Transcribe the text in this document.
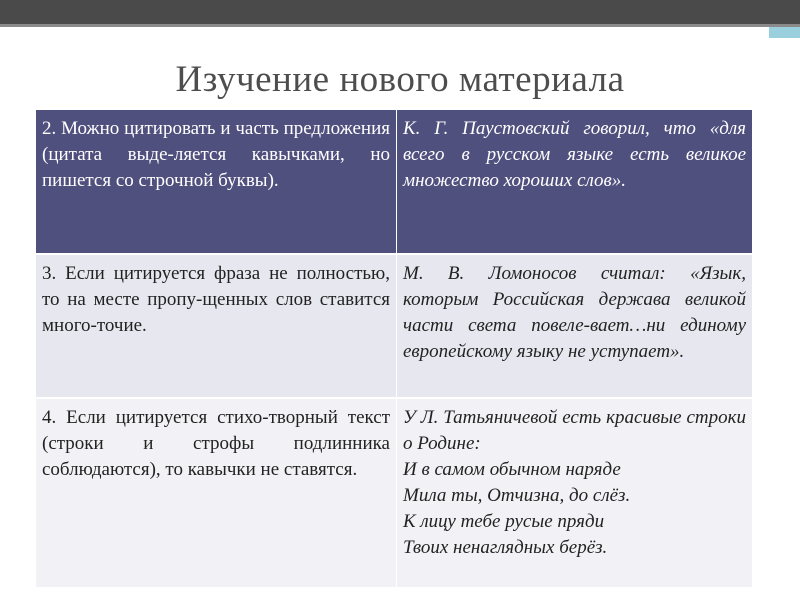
Изучение нового материала
2. Можно цитировать и часть предложения (цитата выде-ляется кавычками, но пишется со строчной буквы).	К. Г. Паустовский говорил, что «для всего в русском языке есть великое множество хороших слов».
3. Если цитируется фраза не полностью, то на месте пропу-щенных слов ставится много-точие.	М. В. Ломоносов считал: «Язык, которым Российская держава великой части света повеле-вает…ни единому европейскому языку не уступает».
4. Если цитируется стихо-творный текст (строки и строфы подлинника соблюдаются), то кавычки не ставятся.	У Л. Татьяничевой есть красивые строки о Родине:
И в самом обычном наряде
Мила ты, Отчизна, до слёз.
К лицу тебе русые пряди
Твоих ненаглядных берёз.
